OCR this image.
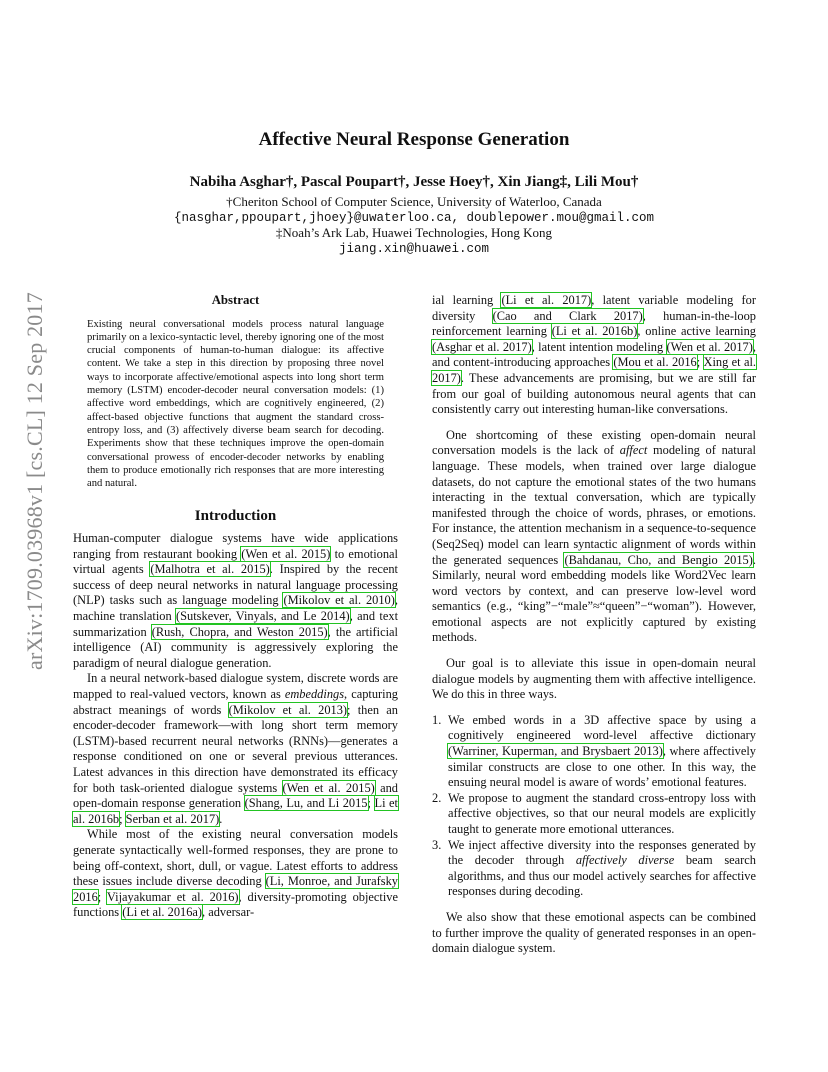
arXiv:1709.03968v1 [cs.CL] 12 Sep 2017
Affective Neural Response Generation
Nabiha Asghar†, Pascal Poupart†, Jesse Hoey†, Xin Jiang‡, Lili Mou†
†Cheriton School of Computer Science, University of Waterloo, Canada
{nasghar,ppoupart,jhoey}@uwaterloo.ca, doublepower.mou@gmail.com
‡Noah’s Ark Lab, Huawei Technologies, Hong Kong
jiang.xin@huawei.com
Abstract

Existing neural conversational models process natural language primarily on a lexico-syntactic level, thereby ignoring one of the most crucial components of human-to-human dialogue: its affective content. We take a step in this direction by proposing three novel ways to incorporate affective/emotional aspects into long short term memory (LSTM) encoder-decoder neural conversation models: (1) affective word embeddings, which are cognitively engineered, (2) affect-based objective functions that augment the standard cross-entropy loss, and (3) affectively diverse beam search for decoding. Experiments show that these techniques improve the open-domain conversational prowess of encoder-decoder networks by enabling them to produce emotionally rich responses that are more interesting and natural.

Introduction

Human-computer dialogue systems have wide applications ranging from restaurant booking (Wen et al. 2015) to emotional virtual agents (Malhotra et al. 2015). Inspired by the recent success of deep neural networks in natural language processing (NLP) tasks such as language modeling (Mikolov et al. 2010), machine translation (Sutskever, Vinyals, and Le 2014), and text summarization (Rush, Chopra, and Weston 2015), the artificial intelligence (AI) community is aggressively exploring the paradigm of neural dialogue generation.

In a neural network-based dialogue system, discrete words are mapped to real-valued vectors, known as embeddings, capturing abstract meanings of words (Mikolov et al. 2013); then an encoder-decoder framework—with long short term memory (LSTM)-based recurrent neural networks (RNNs)—generates a response conditioned on one or several previous utterances. Latest advances in this direction have demonstrated its efficacy for both task-oriented dialogue systems (Wen et al. 2015) and open-domain response generation (Shang, Lu, and Li 2015; Li et al. 2016b; Serban et al. 2017).

While most of the existing neural conversation models generate syntactically well-formed responses, they are prone to being off-context, short, dull, or vague. Latest efforts to address these issues include diverse decoding (Li, Monroe, and Jurafsky 2016; Vijayakumar et al. 2016), diversity-promoting objective functions (Li et al. 2016a), adversar-

ial learning (Li et al. 2017), latent variable modeling for diversity (Cao and Clark 2017), human-in-the-loop reinforcement learning (Li et al. 2016b), online active learning (Asghar et al. 2017), latent intention modeling (Wen et al. 2017), and content-introducing approaches (Mou et al. 2016; Xing et al. 2017). These advancements are promising, but we are still far from our goal of building autonomous neural agents that can consistently carry out interesting human-like conversations.

One shortcoming of these existing open-domain neural conversation models is the lack of affect modeling of natural language. These models, when trained over large dialogue datasets, do not capture the emotional states of the two humans interacting in the textual conversation, which are typically manifested through the choice of words, phrases, or emotions. For instance, the attention mechanism in a sequence-to-sequence (Seq2Seq) model can learn syntactic alignment of words within the generated sequences (Bahdanau, Cho, and Bengio 2015). Similarly, neural word embedding models like Word2Vec learn word vectors by context, and can preserve low-level word semantics (e.g., “king”−“male”≈“queen”−“woman”). However, emotional aspects are not explicitly captured by existing methods.

Our goal is to alleviate this issue in open-domain neural dialogue models by augmenting them with affective intelligence. We do this in three ways.

1. We embed words in a 3D affective space by using a cognitively engineered word-level affective dictionary (Warriner, Kuperman, and Brysbaert 2013), where affectively similar constructs are close to one other. In this way, the ensuing neural model is aware of words’ emotional features.
2. We propose to augment the standard cross-entropy loss with affective objectives, so that our neural models are explicitly taught to generate more emotional utterances.
3. We inject affective diversity into the responses generated by the decoder through affectively diverse beam search algorithms, and thus our model actively searches for affective responses during decoding.

We also show that these emotional aspects can be combined to further improve the quality of generated responses in an open-domain dialogue system.
